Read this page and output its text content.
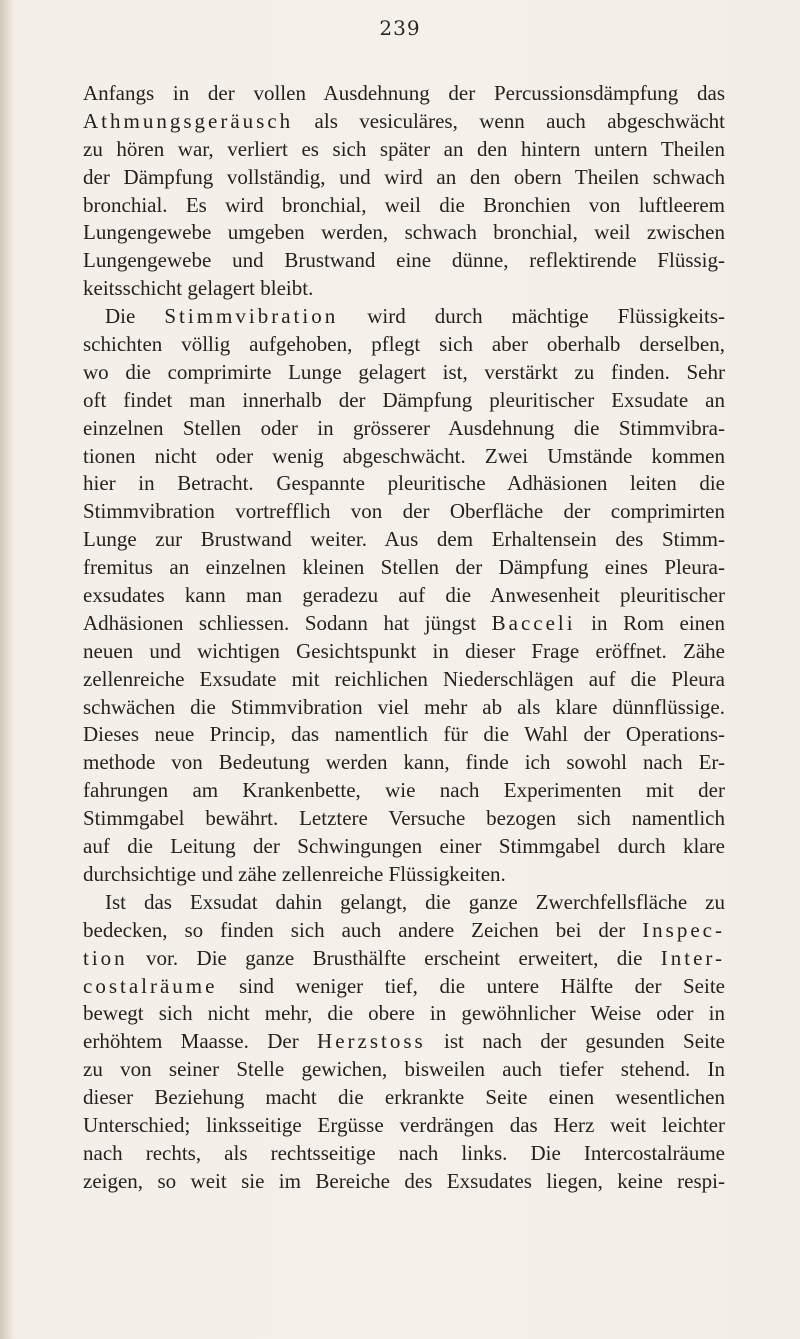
239
Anfangs in der vollen Ausdehnung der Percussionsdämpfung das
Athmungsgeräusch als vesiculäres, wenn auch abgeschwächt
zu hören war, verliert es sich später an den hintern untern Theilen
der Dämpfung vollständig, und wird an den obern Theilen schwach
bronchial. Es wird bronchial, weil die Bronchien von luftleerem
Lungengewebe umgeben werden, schwach bronchial, weil zwischen
Lungengewebe und Brustwand eine dünne, reflektirende Flüssig-
keitsschicht gelagert bleibt.
Die Stimmvibration wird durch mächtige Flüssigkeits-
schichten völlig aufgehoben, pflegt sich aber oberhalb derselben,
wo die comprimirte Lunge gelagert ist, verstärkt zu finden. Sehr
oft findet man innerhalb der Dämpfung pleuritischer Exsudate an
einzelnen Stellen oder in grösserer Ausdehnung die Stimmvibra-
tionen nicht oder wenig abgeschwächt. Zwei Umstände kommen
hier in Betracht. Gespannte pleuritische Adhäsionen leiten die
Stimmvibration vortrefflich von der Oberfläche der comprimirten
Lunge zur Brustwand weiter. Aus dem Erhaltensein des Stimm-
fremitus an einzelnen kleinen Stellen der Dämpfung eines Pleura-
exsudates kann man geradezu auf die Anwesenheit pleuritischer
Adhäsionen schliessen. Sodann hat jüngst Bacceli in Rom einen
neuen und wichtigen Gesichtspunkt in dieser Frage eröffnet. Zähe
zellenreiche Exsudate mit reichlichen Niederschlägen auf die Pleura
schwächen die Stimmvibration viel mehr ab als klare dünnflüssige.
Dieses neue Princip, das namentlich für die Wahl der Operations-
methode von Bedeutung werden kann, finde ich sowohl nach Er-
fahrungen am Krankenbette, wie nach Experimenten mit der
Stimmgabel bewährt. Letztere Versuche bezogen sich namentlich
auf die Leitung der Schwingungen einer Stimmgabel durch klare
durchsichtige und zähe zellenreiche Flüssigkeiten.
Ist das Exsudat dahin gelangt, die ganze Zwerchfellsfläche zu
bedecken, so finden sich auch andere Zeichen bei der Inspec-
tion vor. Die ganze Brusthälfte erscheint erweitert, die Inter-
costalräume sind weniger tief, die untere Hälfte der Seite
bewegt sich nicht mehr, die obere in gewöhnlicher Weise oder in
erhöhtem Maasse. Der Herzstoss ist nach der gesunden Seite
zu von seiner Stelle gewichen, bisweilen auch tiefer stehend. In
dieser Beziehung macht die erkrankte Seite einen wesentlichen
Unterschied; linksseitige Ergüsse verdrängen das Herz weit leichter
nach rechts, als rechtsseitige nach links. Die Intercostalräume
zeigen, so weit sie im Bereiche des Exsudates liegen, keine respi-
